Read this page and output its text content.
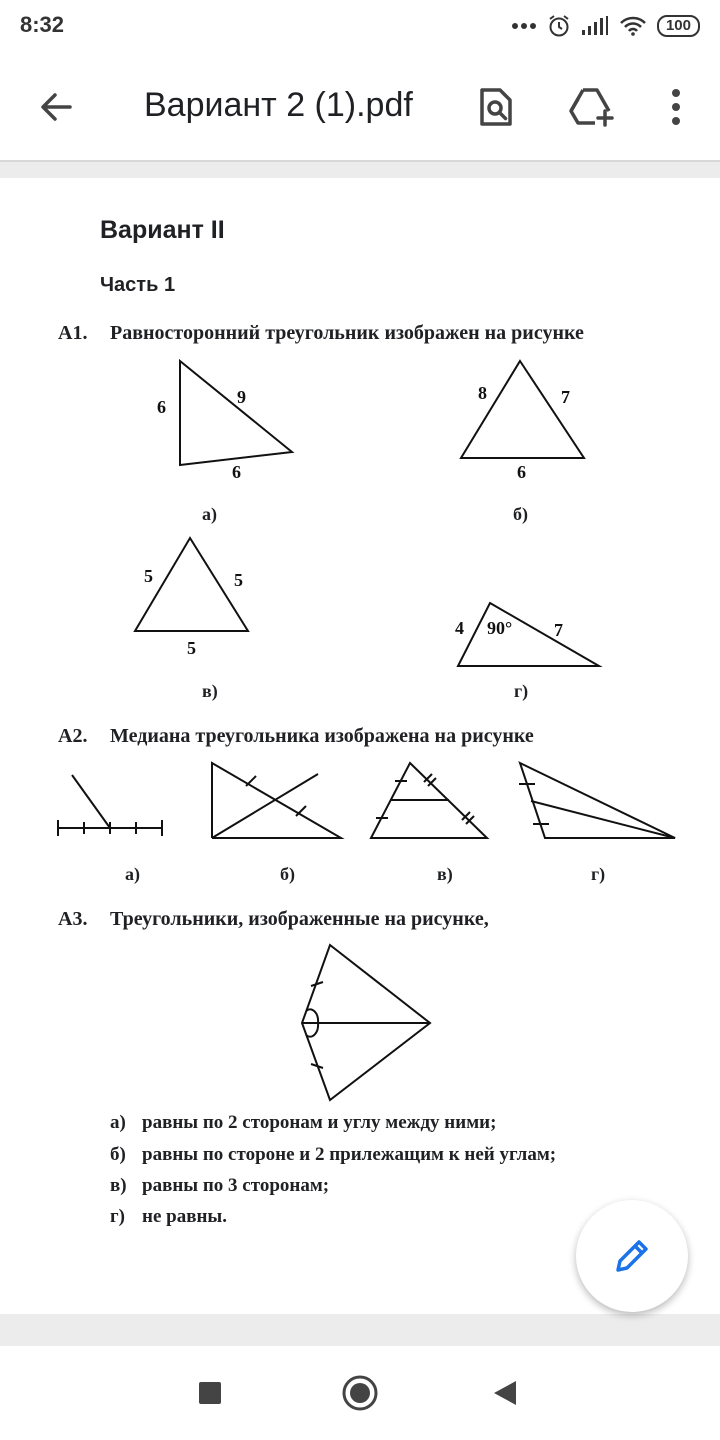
8:32	100
Вариант 2 (1).pdf
Вариант II
Часть 1
А1. Равносторонний треугольник изображен на рисунке
6	9
6
8	7
6
5	5
5
4 90° 7
а)	б)
в)	г)
А2. Медиана треугольника изображена на рисунке
а)	б)	в)	г)
А3. Треугольники, изображенные на рисунке,
а) равны по 2 сторонам и углу между ними;
б) равны по стороне и 2 прилежащим к ней углам;
в) равны по 3 сторонам;
г) не равны.
